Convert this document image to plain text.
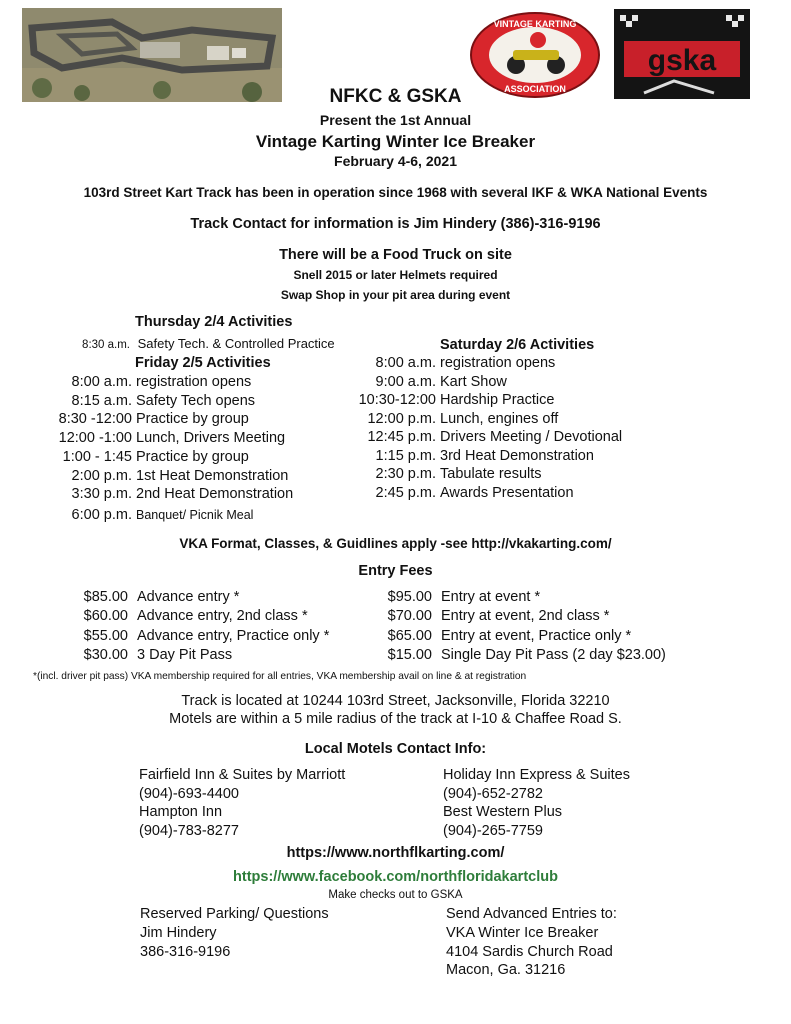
VINTAGE KARTING
ASSOCIATION
gska
NFKC & GSKA
Present the 1st Annual
Vintage Karting Winter Ice Breaker
February 4-6, 2021
103rd Street Kart Track has been in operation since 1968 with several IKF & WKA National Events
Track Contact for information is Jim Hindery (386)-316-9196
There will be a Food Truck on site
Snell 2015 or later Helmets required
Swap Shop in your pit area during event
Thursday 2/4 Activities
8:30 a.m. Safety Tech. & Controlled Practice
Friday 2/5 Activities
8:00 a.m. registration opens
8:15 a.m. Safety Tech opens
8:30 -12:00 Practice by group
12:00 -1:00 Lunch, Drivers Meeting
1:00 - 1:45 Practice by group
2:00 p.m. 1st Heat Demonstration
3:30 p.m. 2nd Heat Demonstration
6:00 p.m. Banquet/ Picnik Meal
Saturday 2/6 Activities
8:00 a.m. registration opens
9:00 a.m. Kart Show
10:30-12:00 Hardship Practice
12:00 p.m. Lunch, engines off
12:45 p.m. Drivers Meeting / Devotional
1:15 p.m. 3rd Heat Demonstration
2:30 p.m. Tabulate results
2:45 p.m. Awards Presentation
VKA Format, Classes, & Guidlines apply -see http://vkakarting.com/
Entry Fees
$85.00 Advance entry *
$60.00 Advance entry, 2nd class *
$55.00 Advance entry, Practice only *
$30.00 3 Day Pit Pass
$95.00 Entry at event *
$70.00 Entry at event, 2nd class *
$65.00 Entry at event, Practice only *
$15.00 Single Day Pit Pass (2 day $23.00)
*(incl. driver pit pass) VKA membership required for all entries, VKA membership avail on line & at registration
Track is located at 10244 103rd Street, Jacksonville, Florida 32210
Motels are within a 5 mile radius of the track at I-10 & Chaffee Road S.
Local Motels Contact Info:
Fairfield Inn & Suites by Marriott
(904)-693-4400
Hampton Inn
(904)-783-8277
Holiday Inn Express & Suites
(904)-652-2782
Best Western Plus
(904)-265-7759
https://www.northflkarting.com/
https://www.facebook.com/northfloridakartclub
Make checks out to GSKA
Reserved Parking/ Questions
Jim Hindery
386-316-9196
Send Advanced Entries to:
VKA Winter Ice Breaker
4104 Sardis Church Road
Macon, Ga. 31216
